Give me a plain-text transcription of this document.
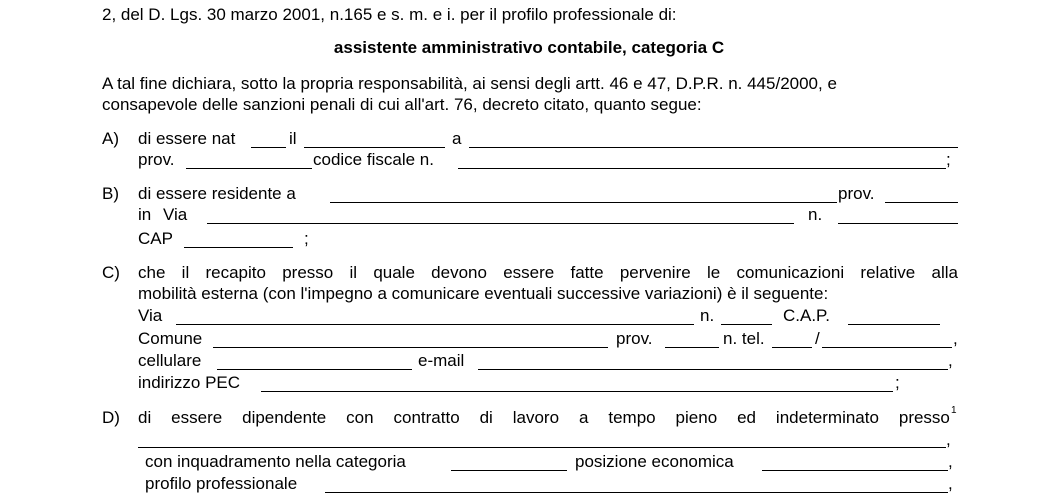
2, del D. Lgs. 30 marzo 2001, n.165 e s. m. e i. per il profilo professionale di:
assistente amministrativo contabile, categoria C
A tal fine dichiara, sotto la propria responsabilità, ai sensi degli artt. 46 e 47, D.P.R. n. 445/2000, e
consapevole delle sanzioni penali di cui all'art. 76, decreto citato, quanto segue:
A) di essere nat	il	a
prov.	codice fiscale n.	;
B) di essere residente a	prov.
in Via	n.
CAP	;
C) che il recapito presso il quale devono essere fatte pervenire le comunicazioni relative alla
mobilità esterna (con l'impegno a comunicare eventuali successive variazioni) è il seguente:
Via	n.	C.A.P.
Comune	prov.	n. tel.	/	,
cellulare	e-mail	,
indirizzo PEC	;
D) di essere dipendente con contratto di lavoro a tempo pieno ed indeterminato presso 1
,
con inquadramento nella categoria	posizione economica	,
profilo professionale	,
